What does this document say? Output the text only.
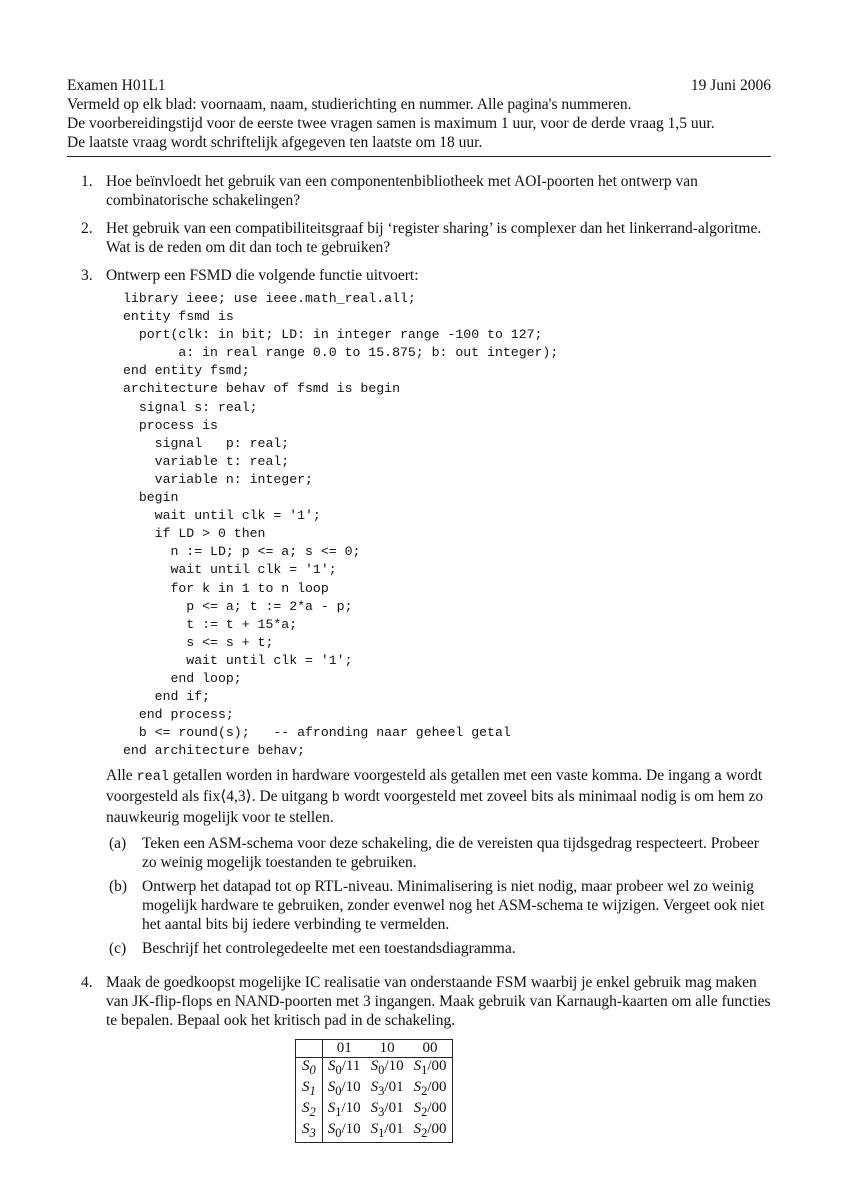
Examen H01L1	19 Juni 2006
Vermeld op elk blad: voornaam, naam, studierichting en nummer. Alle pagina's nummeren.
De voorbereidingstijd voor de eerste twee vragen samen is maximum 1 uur, voor de derde vraag 1,5 uur.
De laatste vraag wordt schriftelijk afgegeven ten laatste om 18 uur.
1. Hoe beïnvloedt het gebruik van een componentenbibliotheek met AOI-poorten het ontwerp van combinatorische schakelingen?
2. Het gebruik van een compatibiliteitsgraaf bij ‘register sharing’ is complexer dan het linkerrand-algoritme. Wat is de reden om dit dan toch te gebruiken?
3. Ontwerp een FSMD die volgende functie uitvoert:
library ieee; use ieee.math_real.all;
entity fsmd is
port(clk: in bit; LD: in integer range -100 to 127;
a: in real range 0.0 to 15.875; b: out integer);
end entity fsmd;
architecture behav of fsmd is begin
signal s: real;
process is
signal   p: real;
variable t: real;
variable n: integer;
begin
wait until clk = '1';
if LD > 0 then
n := LD; p <= a; s <= 0;
wait until clk = '1';
for k in 1 to n loop
p <= a; t := 2*a - p;
t := t + 15*a;
s <= s + t;
wait until clk = '1';
end loop;
end if;
end process;
b <= round(s);   -- afronding naar geheel getal
end architecture behav;
Alle real getallen worden in hardware voorgesteld als getallen met een vaste komma. De ingang a wordt voorgesteld als fix⟨4,3⟩. De uitgang b wordt voorgesteld met zoveel bits als minimaal nodig is om hem zo nauwkeurig mogelijk voor te stellen.
(a) Teken een ASM-schema voor deze schakeling, die de vereisten qua tijdsgedrag respecteert. Probeer zo weinig mogelijk toestanden te gebruiken.
(b) Ontwerp het datapad tot op RTL-niveau. Minimalisering is niet nodig, maar probeer wel zo weinig mogelijk hardware te gebruiken, zonder evenwel nog het ASM-schema te wijzigen. Vergeet ook niet het aantal bits bij iedere verbinding te vermelden.
(c) Beschrijf het controlegedeelte met een toestandsdiagramma.
4. Maak de goedkoopst mogelijke IC realisatie van onderstaande FSM waarbij je enkel gebruik mag maken van JK-flip-flops en NAND-poorten met 3 ingangen. Maak gebruik van Karnaugh-kaarten om alle functies te bepalen. Bepaal ook het kritisch pad in de schakeling.
	01	10	00
$S_0$	$S_0/11$	$S_0/10$	$S_1/00$
$S_1$	$S_0/10$	$S_3/01$	$S_2/00$
$S_2$	$S_1/10$	$S_3/01$	$S_2/00$
$S_3$	$S_0/10$	$S_1/01$	$S_2/00$
